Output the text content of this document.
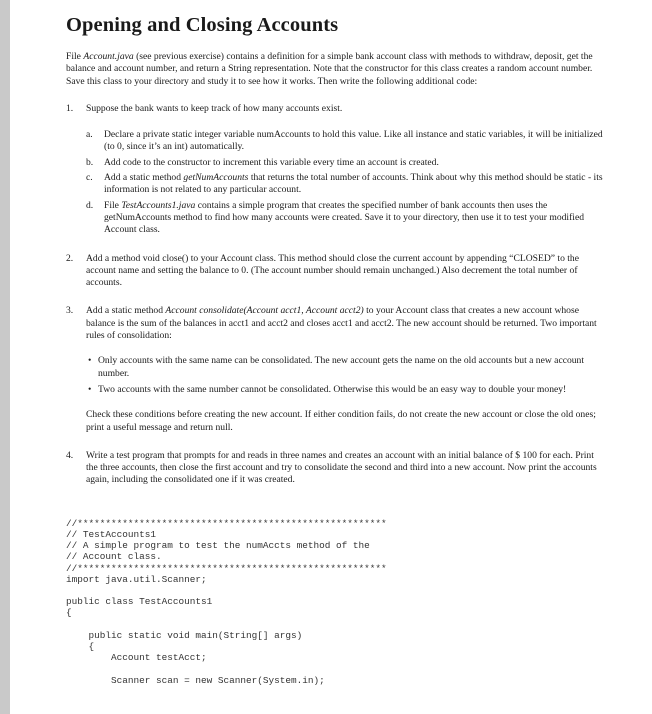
Opening and Closing Accounts
File Account.java (see previous exercise) contains a definition for a simple bank account class with methods to withdraw, deposit, get the balance and account number, and return a String representation. Note that the constructor for this class creates a random account number. Save this class to your directory and study it to see how it works. Then write the following additional code:
1. Suppose the bank wants to keep track of how many accounts exist.
a. Declare a private static integer variable numAccounts to hold this value. Like all instance and static variables, it will be initialized (to 0, since it’s an int) automatically.
b. Add code to the constructor to increment this variable every time an account is created.
c. Add a static method getNumAccounts that returns the total number of accounts. Think about why this method should be static - its information is not related to any particular account.
d. File TestAccounts1.java contains a simple program that creates the specified number of bank accounts then uses the getNumAccounts method to find how many accounts were created. Save it to your directory, then use it to test your modified Account class.
2. Add a method void close() to your Account class. This method should close the current account by appending “CLOSED” to the account name and setting the balance to 0. (The account number should remain unchanged.) Also decrement the total number of accounts.
3. Add a static method Account consolidate(Account acct1, Account acct2) to your Account class that creates a new account whose balance is the sum of the balances in acct1 and acct2 and closes acct1 and acct2. The new account should be returned. Two important rules of consolidation:
• Only accounts with the same name can be consolidated. The new account gets the name on the old accounts but a new account number.
• Two accounts with the same number cannot be consolidated. Otherwise this would be an easy way to double your money!
Check these conditions before creating the new account. If either condition fails, do not create the new account or close the old ones; print a useful message and return null.
4. Write a test program that prompts for and reads in three names and creates an account with an initial balance of $ 100 for each. Print the three accounts, then close the first account and try to consolidate the second and third into a new account. Now print the accounts again, including the consolidated one if it was created.
//*******************************************************
// TestAccounts1
// A simple program to test the numAccts method of the
// Account class.
//*******************************************************
import java.util.Scanner;

public class TestAccounts1
{

public static void main(String[] args)
{
Account testAcct;

Scanner scan = new Scanner(System.in);
